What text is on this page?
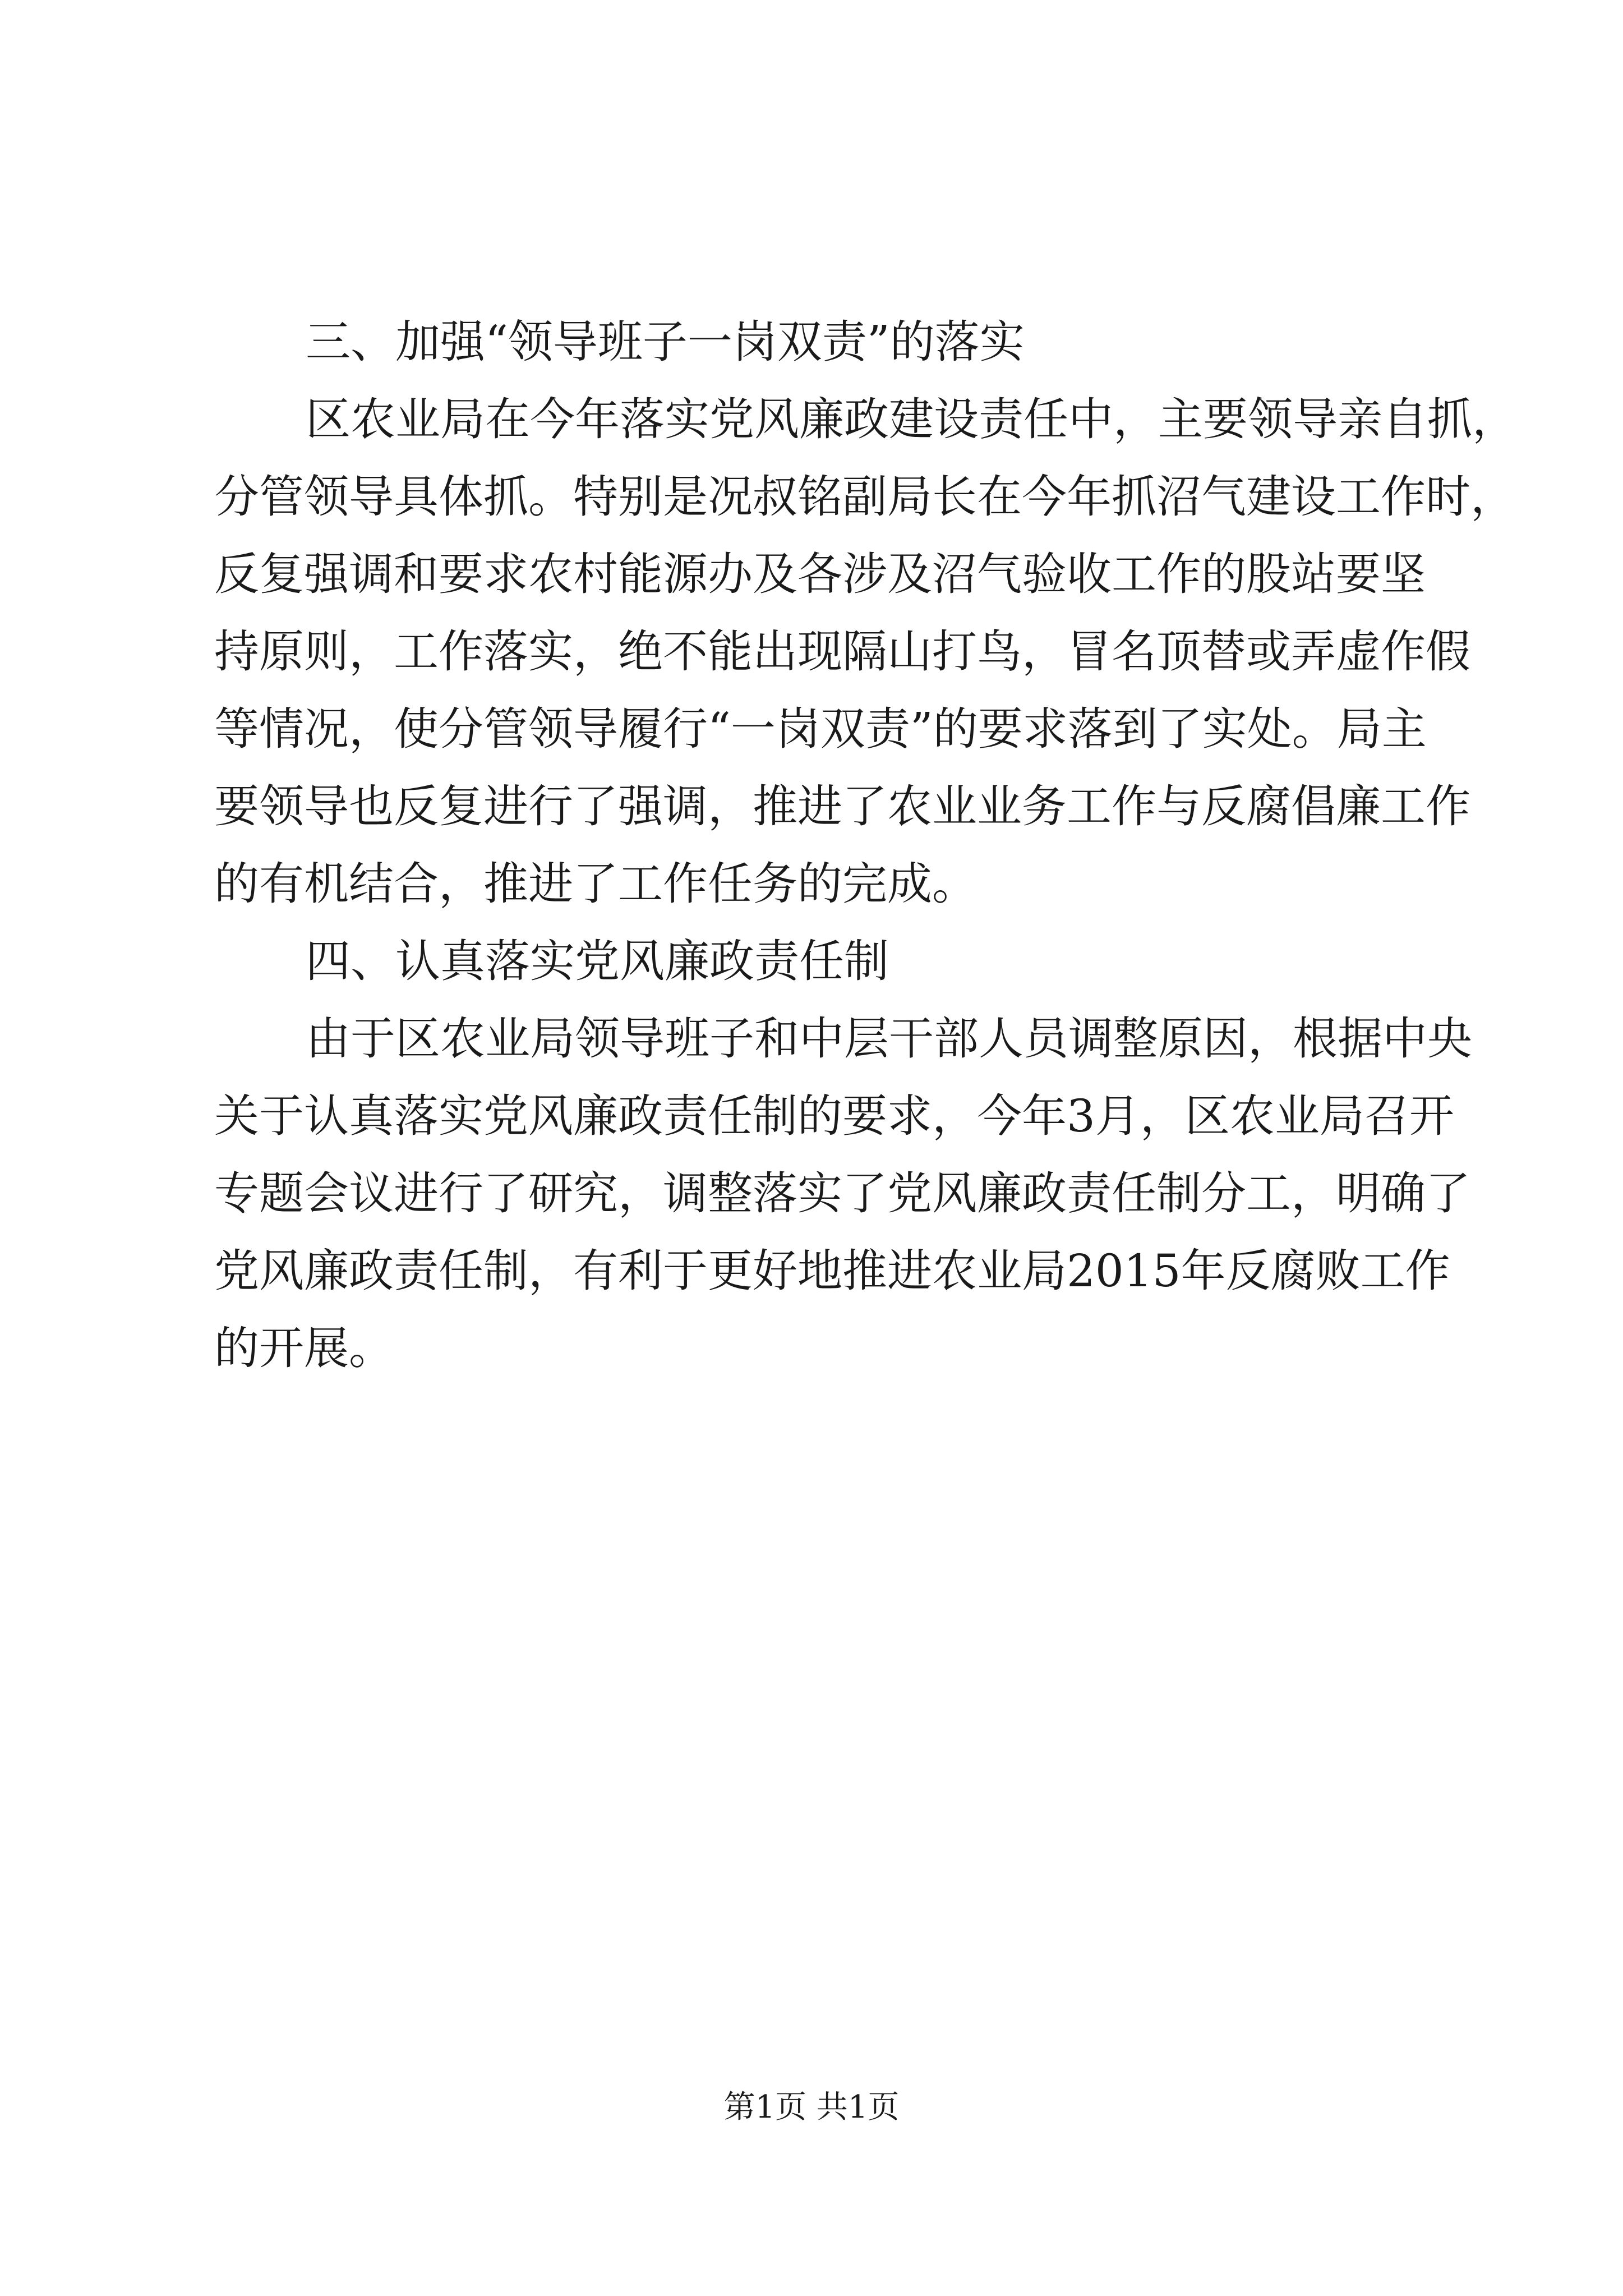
三、加强“领导班子一岗双责”的落实
区农业局在今年落实党风廉政建设责任中，主要领导亲自抓，
分管领导具体抓。特别是况叔铭副局长在今年抓沼气建设工作时，
反复强调和要求农村能源办及各涉及沼气验收工作的股站要坚
持原则，工作落实，绝不能出现隔山打鸟，冒名顶替或弄虚作假
等情况，使分管领导履行“一岗双责”的要求落到了实处。局主
要领导也反复进行了强调，推进了农业业务工作与反腐倡廉工作
的有机结合，推进了工作任务的完成。
四、认真落实党风廉政责任制
由于区农业局领导班子和中层干部人员调整原因，根据中央
关于认真落实党风廉政责任制的要求，今年3月，区农业局召开
专题会议进行了研究，调整落实了党风廉政责任制分工，明确了
党风廉政责任制，有利于更好地推进农业局2015年反腐败工作
的开展。
第1页 共1页
